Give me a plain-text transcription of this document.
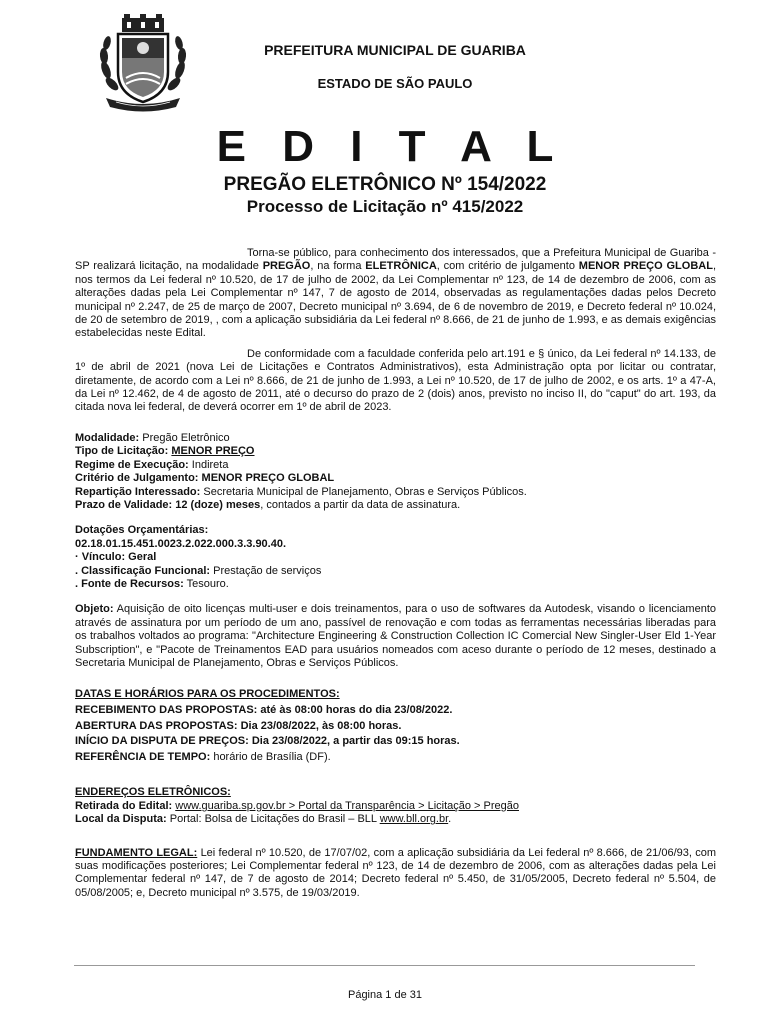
PREFEITURA MUNICIPAL DE GUARIBA
ESTADO DE SÃO PAULO
E D I T A L
PREGÃO ELETRÔNICO Nº 154/2022
Processo de Licitação nº 415/2022

Torna-se público, para conhecimento dos interessados, que a Prefeitura Municipal de Guariba - SP realizará licitação, na modalidade PREGÃO, na forma ELETRÔNICA, com critério de julgamento MENOR PREÇO GLOBAL, nos termos da Lei federal nº 10.520, de 17 de julho de 2002, da Lei Complementar nº 123, de 14 de dezembro de 2006, com as alterações dadas pela Lei Complementar nº 147, 7 de agosto de 2014, observadas as regulamentações dadas pelos Decreto municipal nº 2.247, de 25 de março de 2007, Decreto municipal nº 3.694, de 6 de novembro de 2019, e Decreto federal nº 10.024, de 20 de setembro de 2019, , com a aplicação subsidiária da Lei federal nº 8.666, de 21 de junho de 1.993, e as demais exigências estabelecidas neste Edital.

De conformidade com a faculdade conferida pelo art.191 e § único, da Lei federal nº 14.133, de 1º de abril de 2021 (nova Lei de Licitações e Contratos Administrativos), esta Administração opta por licitar ou contratar, diretamente, de acordo com a Lei nº 8.666, de 21 de junho de 1.993, a Lei nº 10.520, de 17 de julho de 2002, e os arts. 1º a 47-A, da Lei nº 12.462, de 4 de agosto de 2011, até o decurso do prazo de 2 (dois) anos, previsto no inciso II, do "caput" do art. 193, da citada nova lei federal, de deverá ocorrer em 1º de abril de 2023.

Modalidade: Pregão Eletrônico
Tipo de Licitação: MENOR PREÇO
Regime de Execução: Indireta
Critério de Julgamento: MENOR PREÇO GLOBAL
Repartição Interessado: Secretaria Municipal de Planejamento, Obras e Serviços Públicos.
Prazo de Validade: 12 (doze) meses, contados a partir da data de assinatura.
Dotações Orçamentárias:
02.18.01.15.451.0023.2.022.000.3.3.90.40.
· Vínculo: Geral
. Classificação Funcional: Prestação de serviços
. Fonte de Recursos: Tesouro.

Objeto: Aquisição de oito licenças multi-user e dois treinamentos, para o uso de softwares da Autodesk, visando o licenciamento através de assinatura por um período de um ano, passível de renovação e com todas as ferramentas necessárias liberadas para os trabalhos voltados ao programa: "Architecture Engineering & Construction Collection IC Comercial New Singler-User Eld 1-Year Subscription", e "Pacote de Treinamentos EAD para usuários nomeados com aceso durante o período de 12 meses, destinado a Secretaria Municipal de Planejamento, Obras e Serviços Públicos.

DATAS E HORÁRIOS PARA OS PROCEDIMENTOS:
RECEBIMENTO DAS PROPOSTAS: até às 08:00 horas do dia 23/08/2022.
ABERTURA DAS PROPOSTAS: Dia 23/08/2022, às 08:00 horas.
INÍCIO DA DISPUTA DE PREÇOS: Dia 23/08/2022, a partir das 09:15 horas.
REFERÊNCIA DE TEMPO: horário de Brasília (DF).
ENDEREÇOS ELETRÔNICOS:
Retirada do Edital: www.guariba.sp.gov.br > Portal da Transparência > Licitação > Pregão
Local da Disputa: Portal: Bolsa de Licitações do Brasil – BLL www.bll.org.br.

FUNDAMENTO LEGAL: Lei federal nº 10.520, de 17/07/02, com a aplicação subsidiária da Lei federal nº 8.666, de 21/06/93, com suas modificações posteriores; Lei Complementar federal nº 123, de 14 de dezembro de 2006, com as alterações dadas pela Lei Complementar federal nº 147, de 7 de agosto de 2014; Decreto federal nº 5.450, de 31/05/2005, Decreto federal nº 5.504, de 05/08/2005; e, Decreto municipal nº 3.575, de 19/03/2019.

Página 1 de 31
